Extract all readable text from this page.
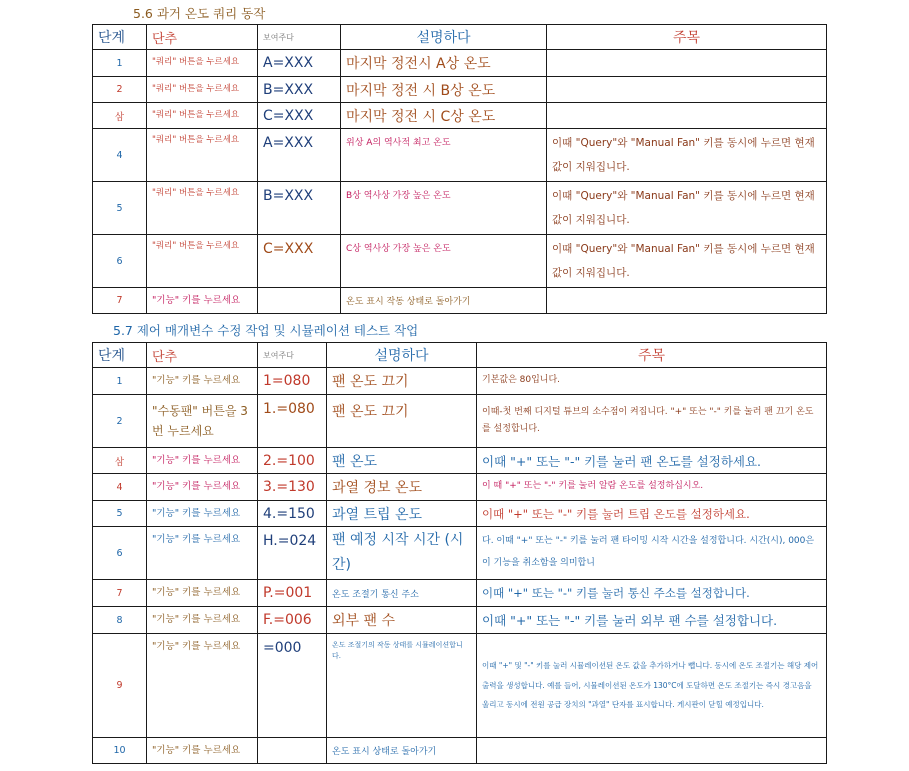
5.6 과거 온도 쿼리 동작
단계	단추	보여주다	설명하다	주목
1	"쿼리" 버튼을 누르세요	A=XXX	마지막 정전시 A상 온도	
2	"쿼리" 버튼을 누르세요	B=XXX	마지막 정전 시 B상 온도	
삼	"쿼리" 버튼을 누르세요	C=XXX	마지막 정전 시 C상 온도	
4	"쿼리" 버튼을 누르세요	A=XXX	위상 A의 역사적 최고 온도	이때 "Query"와 "Manual Fan" 키를 동시에 누르면 현재 값이 지워집니다.
5	"쿼리" 버튼을 누르세요	B=XXX	B상 역사상 가장 높은 온도	이때 "Query"와 "Manual Fan" 키를 동시에 누르면 현재 값이 지워집니다.
6	"쿼리" 버튼을 누르세요	C=XXX	C상 역사상 가장 높은 온도	이때 "Query"와 "Manual Fan" 키를 동시에 누르면 현재 값이 지워집니다.
7	"기능" 키를 누르세요		온도 표시 작동 상태로 돌아가기	
5.7 제어 매개변수 수정 작업 및 시뮬레이션 테스트 작업
단계	단추	보여주다	설명하다	주목
1	"기능" 키를 누르세요	1=080	팬 온도 끄기	기본값은 80입니다.
2	"수동팬" 버튼을 3번 누르세요	1.=080	팬 온도 끄기	이때-첫 번째 디지털 튜브의 소수점이 켜집니다. "+" 또는 "-" 키를 눌러 팬 끄기 온도를 설정합니다.
삼	"기능" 키를 누르세요	2.=100	팬 온도	이때 "+" 또는 "-" 키를 눌러 팬 온도를 설정하세요.
4	"기능" 키를 누르세요	3.=130	과열 경보 온도	이 때 "+" 또는 "-" 키를 눌러 알람 온도를 설정하십시오.
5	"기능" 키를 누르세요	4.=150	과열 트립 온도	이때 "+" 또는 "-" 키를 눌러 트립 온도를 설정하세요.
6	"기능" 키를 누르세요	H.=024	팬 예정 시작 시간 (시간)	다. 이때 "+" 또는 "-" 키를 눌러 팬 타이밍 시작 시간을 설정합니다. 시간(시), 000은 이 기능을 취소함을 의미합니
7	"기능" 키를 누르세요	P.=001	온도 조절기 통신 주소	이때 "+" 또는 "-" 키를 눌러 통신 주소를 설정합니다.
8	"기능" 키를 누르세요	F.=006	외부 팬 수	이때 "+" 또는 "-" 키를 눌러 외부 팬 수를 설정합니다.
9	"기능" 키를 누르세요	=000	온도 조절기의 작동 상태를 시뮬레이션합니다.	이때 "+" 및 "-" 키를 눌러 시뮬레이션된 온도 값을 추가하거나 뺍니다. 동시에 온도 조절기는 해당 제어 출력을 생성합니다. 예를 들어, 시뮬레이션된 온도가 130°C에 도달하면 온도 조절기는 즉시 경고음을 울리고 동시에 전원 공급 장치의 "과열" 단자를 표시합니다. 게시판이 닫힐 예정입니다.
10	"기능" 키를 누르세요		온도 표시 상태로 돌아가기	
